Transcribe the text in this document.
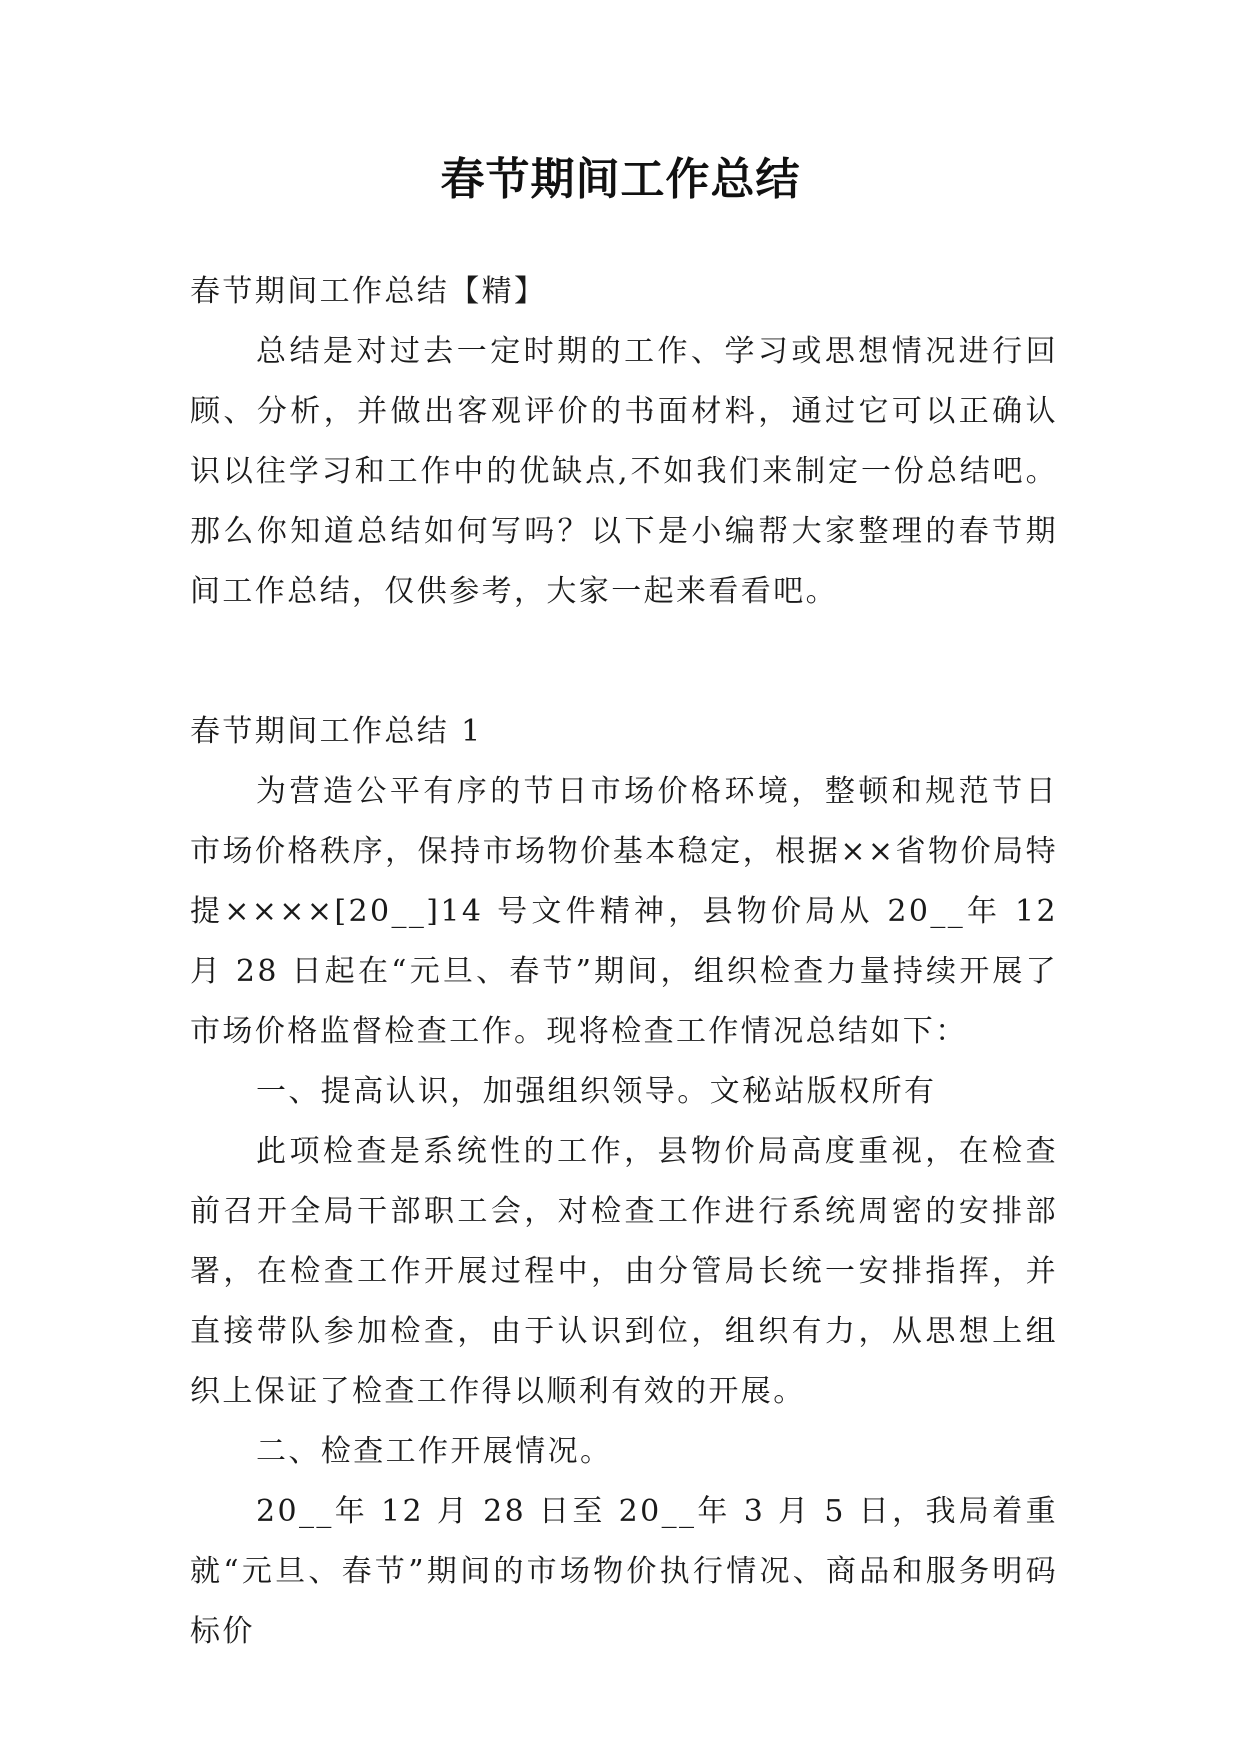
春节期间工作总结

春节期间工作总结【精】

总结是对过去一定时期的工作、学习或思想情况进行回顾、分析，并做出客观评价的书面材料，通过它可以正确认识以往学习和工作中的优缺点,不如我们来制定一份总结吧。那么你知道总结如何写吗？以下是小编帮大家整理的春节期间工作总结，仅供参考，大家一起来看看吧。

春节期间工作总结 1

为营造公平有序的节日市场价格环境，整顿和规范节日市场价格秩序，保持市场物价基本稳定，根据××省物价局特提××××[20__]14 号文件精神，县物价局从 20__年 12月 28 日起在“元旦、春节”期间，组织检查力量持续开展了市场价格监督检查工作。现将检查工作情况总结如下：

一、提高认识，加强组织领导。文秘站版权所有

此项检查是系统性的工作，县物价局高度重视，在检查前召开全局干部职工会，对检查工作进行系统周密的安排部署，在检查工作开展过程中，由分管局长统一安排指挥，并直接带队参加检查，由于认识到位，组织有力，从思想上组织上保证了检查工作得以顺利有效的开展。

二、检查工作开展情况。

20__年 12 月 28 日至 20__年 3 月 5 日，我局着重就“元旦、春节”期间的市场物价执行情况、商品和服务明码标价
